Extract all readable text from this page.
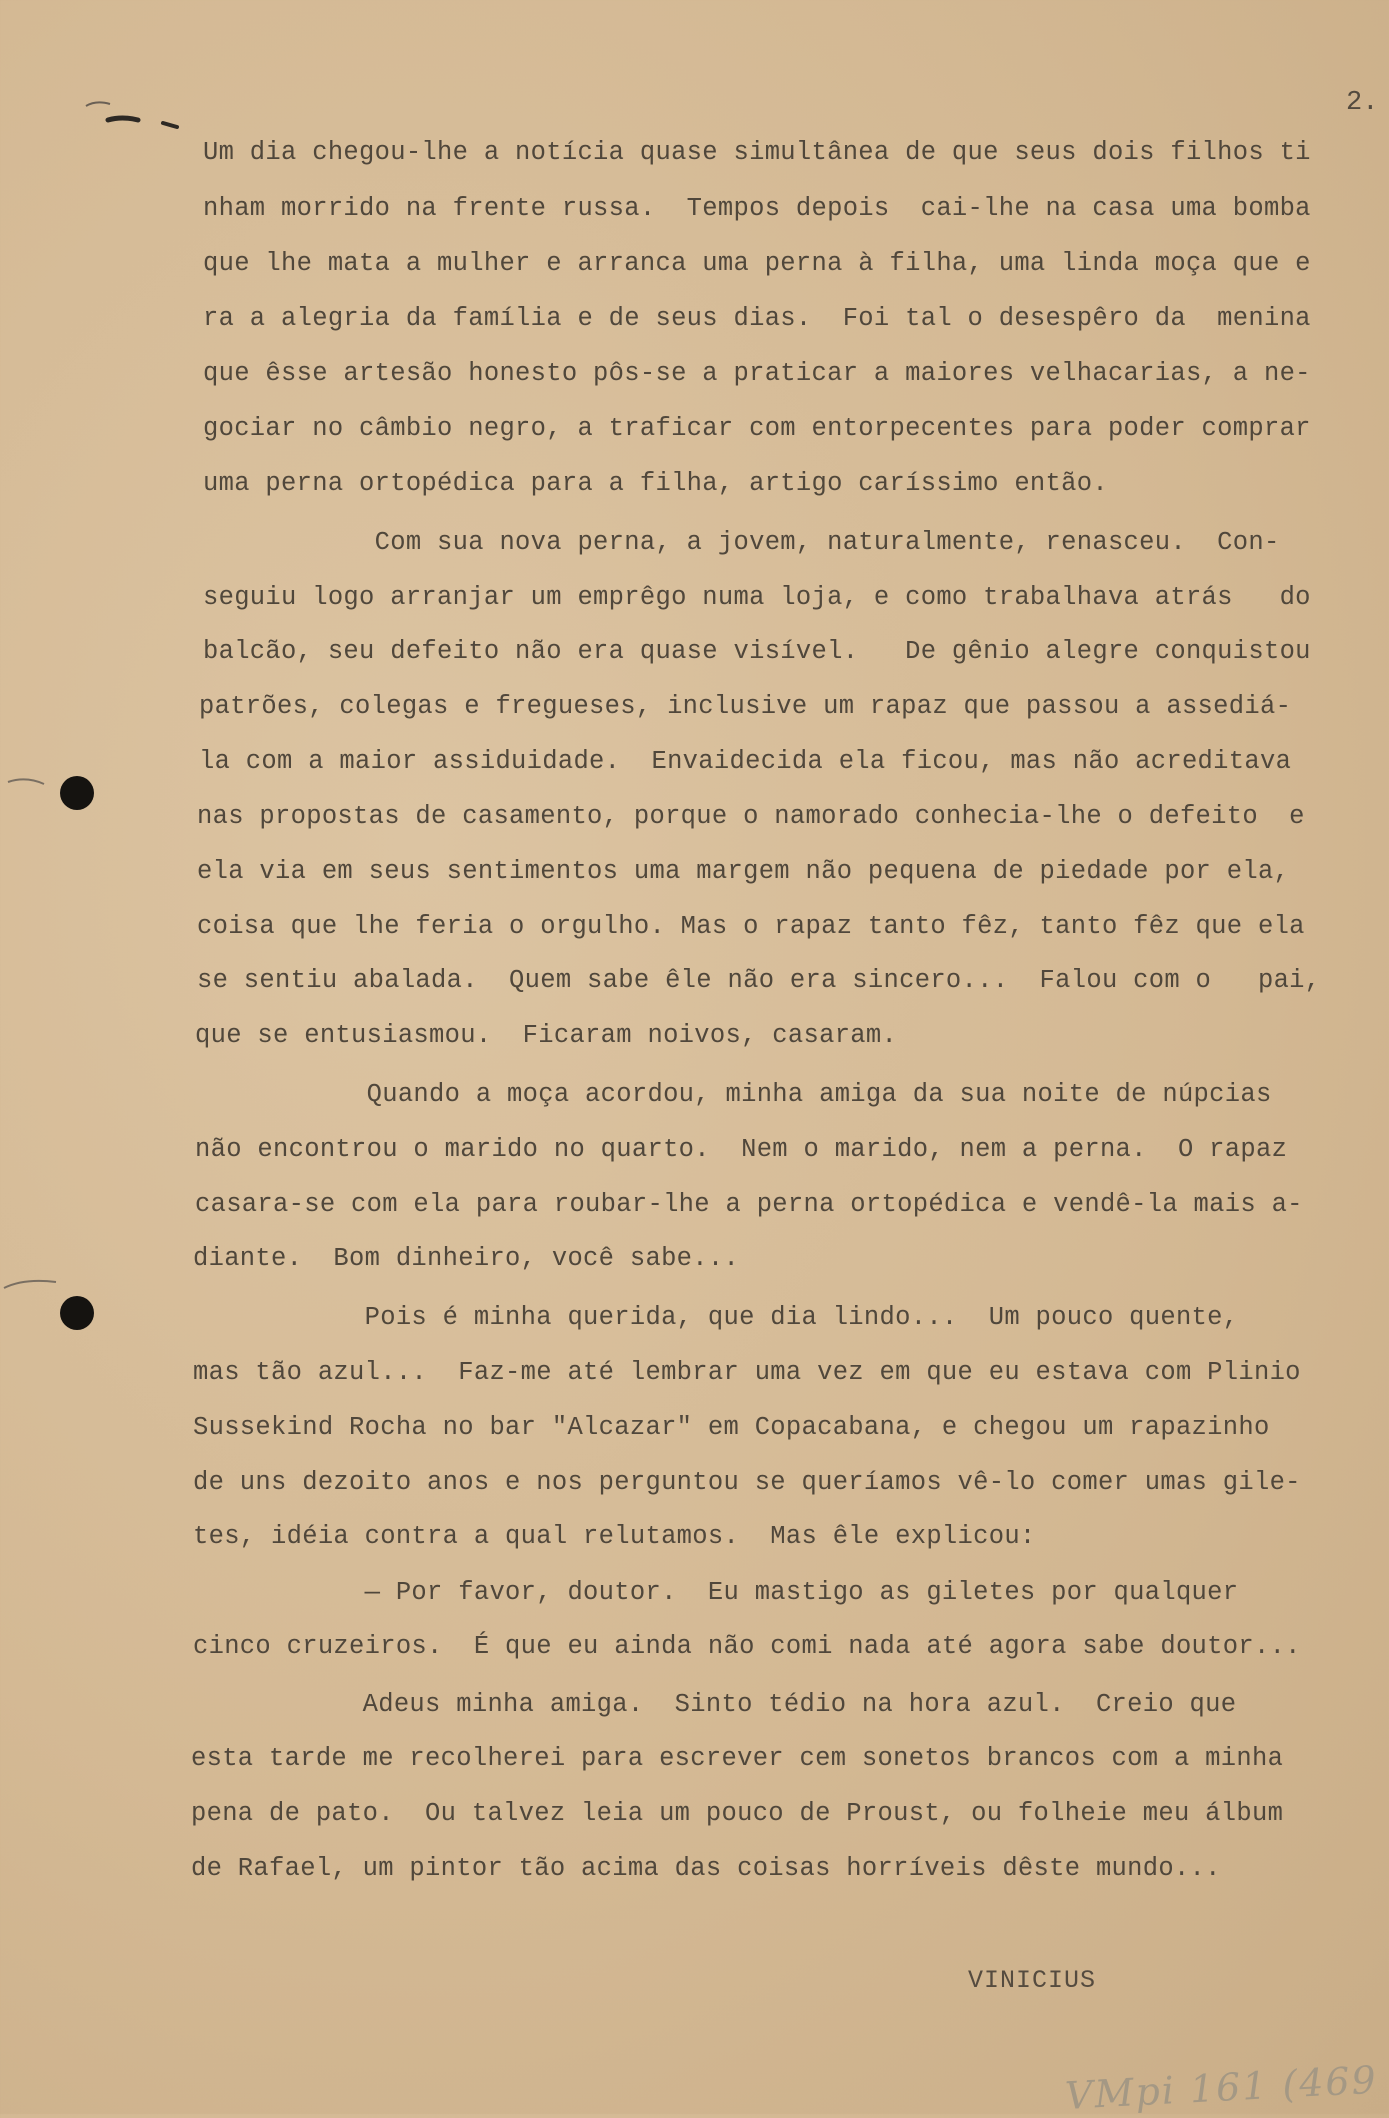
2.
Um dia chegou-lhe a notícia quase simultânea de que seus dois filhos ti
nham morrido na frente russa.  Tempos depois  cai-lhe na casa uma bomba
que lhe mata a mulher e arranca uma perna à filha, uma linda moça que e
ra a alegria da família e de seus dias.  Foi tal o desespêro da  menina
que êsse artesão honesto pôs-se a praticar a maiores velhacarias, a ne-
gociar no câmbio negro, a traficar com entorpecentes para poder comprar
uma perna ortopédica para a filha, artigo caríssimo então.
Com sua nova perna, a jovem, naturalmente, renasceu.  Con-
seguiu logo arranjar um emprêgo numa loja, e como trabalhava atrás   do
balcão, seu defeito não era quase visível.   De gênio alegre conquistou
patrões, colegas e fregueses, inclusive um rapaz que passou a assediá-
la com a maior assiduidade.  Envaidecida ela ficou, mas não acreditava
nas propostas de casamento, porque o namorado conhecia-lhe o defeito  e
ela via em seus sentimentos uma margem não pequena de piedade por ela,
coisa que lhe feria o orgulho. Mas o rapaz tanto fêz, tanto fêz que ela
se sentiu abalada.  Quem sabe êle não era sincero...  Falou com o   pai,
que se entusiasmou.  Ficaram noivos, casaram.
Quando a moça acordou, minha amiga da sua noite de núpcias
não encontrou o marido no quarto.  Nem o marido, nem a perna.  O rapaz
casara-se com ela para roubar-lhe a perna ortopédica e vendê-la mais a-
diante.  Bom dinheiro, você sabe...
Pois é minha querida, que dia lindo...  Um pouco quente,
mas tão azul...  Faz-me até lembrar uma vez em que eu estava com Plinio
Sussekind Rocha no bar "Alcazar" em Copacabana, e chegou um rapazinho
de uns dezoito anos e nos perguntou se queríamos vê-lo comer umas gile-
tes, idéia contra a qual relutamos.  Mas êle explicou:
— Por favor, doutor.  Eu mastigo as giletes por qualquer
cinco cruzeiros.  É que eu ainda não comi nada até agora sabe doutor...
Adeus minha amiga.  Sinto tédio na hora azul.  Creio que
esta tarde me recolherei para escrever cem sonetos brancos com a minha
pena de pato.  Ou talvez leia um pouco de Proust, ou folheie meu álbum
de Rafael, um pintor tão acima das coisas horríveis dêste mundo...
VINICIUS
VMpi 161 (469
